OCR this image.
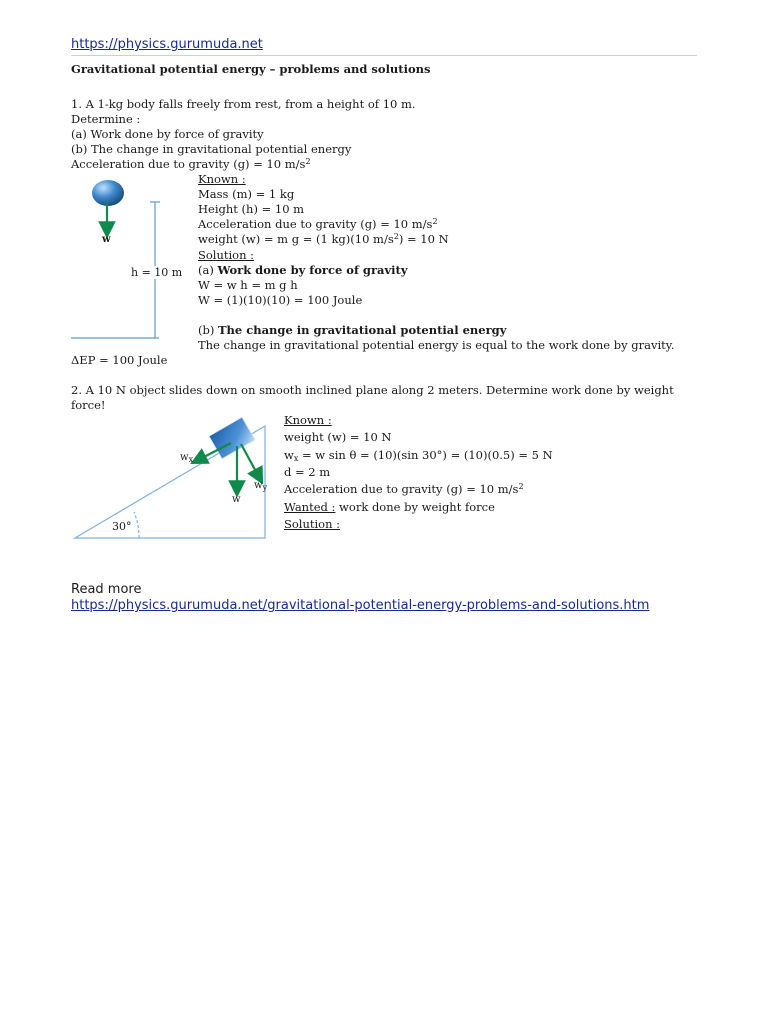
https://physics.gurumuda.net
Gravitational potential energy – problems and solutions
1. A 1-kg body falls freely from rest, from a height of 10 m.
Determine :
(a) Work done by force of gravity
(b) The change in gravitational potential energy
Acceleration due to gravity (g) = 10 $m/s^2$
w
h = 10 m
Known :
Mass (m) = 1 kg
Height (h) = 10 m
Acceleration due to gravity (g) = 10 $m/s^2$
weight (w) = m g = (1 kg)(10 $m/s^2) = 10$ N
Solution :
(a) Work done by force of gravity
W = w h = m g h
W = (1)(10)(10) = 100 Joule
(b) The change in gravitational potential energy
The change in gravitational potential energy is equal to the work done by gravity.
ΔEP = 100 Joule
2. A 10 N object slides down on smooth inclined plane along 2 meters. Determine work done by weight
force!
$w_x$
$w_y$
w
30°
Known :
weight (w) = 10 N
$w_x = w$ sin θ = (10)(sin 30°) = (10)(0.5) = 5 N
d = 2 m
Acceleration due to gravity (g) = 10 $m/s^2$
Wanted : work done by weight force
Solution :
Read more
https://physics.gurumuda.net/gravitational-potential-energy-problems-and-solutions.htm
